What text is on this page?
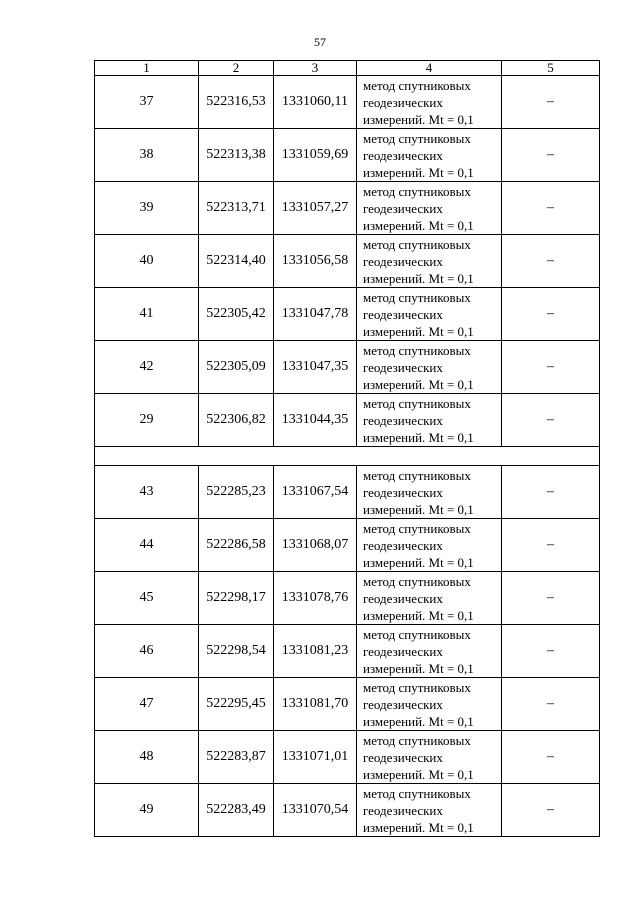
57
1	2	3	4	5
37	522316,53	1331060,11	метод спутниковых
геодезических
измерений. Mt = 0,1	–
38	522313,38	1331059,69	метод спутниковых
геодезических
измерений. Mt = 0,1	–
39	522313,71	1331057,27	метод спутниковых
геодезических
измерений. Mt = 0,1	–
40	522314,40	1331056,58	метод спутниковых
геодезических
измерений. Mt = 0,1	–
41	522305,42	1331047,78	метод спутниковых
геодезических
измерений. Mt = 0,1	–
42	522305,09	1331047,35	метод спутниковых
геодезических
измерений. Mt = 0,1	–
29	522306,82	1331044,35	метод спутниковых
геодезических
измерений. Mt = 0,1	–

43	522285,23	1331067,54	метод спутниковых
геодезических
измерений. Mt = 0,1	–
44	522286,58	1331068,07	метод спутниковых
геодезических
измерений. Mt = 0,1	–
45	522298,17	1331078,76	метод спутниковых
геодезических
измерений. Mt = 0,1	–
46	522298,54	1331081,23	метод спутниковых
геодезических
измерений. Mt = 0,1	–
47	522295,45	1331081,70	метод спутниковых
геодезических
измерений. Mt = 0,1	–
48	522283,87	1331071,01	метод спутниковых
геодезических
измерений. Mt = 0,1	–
49	522283,49	1331070,54	метод спутниковых
геодезических
измерений. Mt = 0,1	–
